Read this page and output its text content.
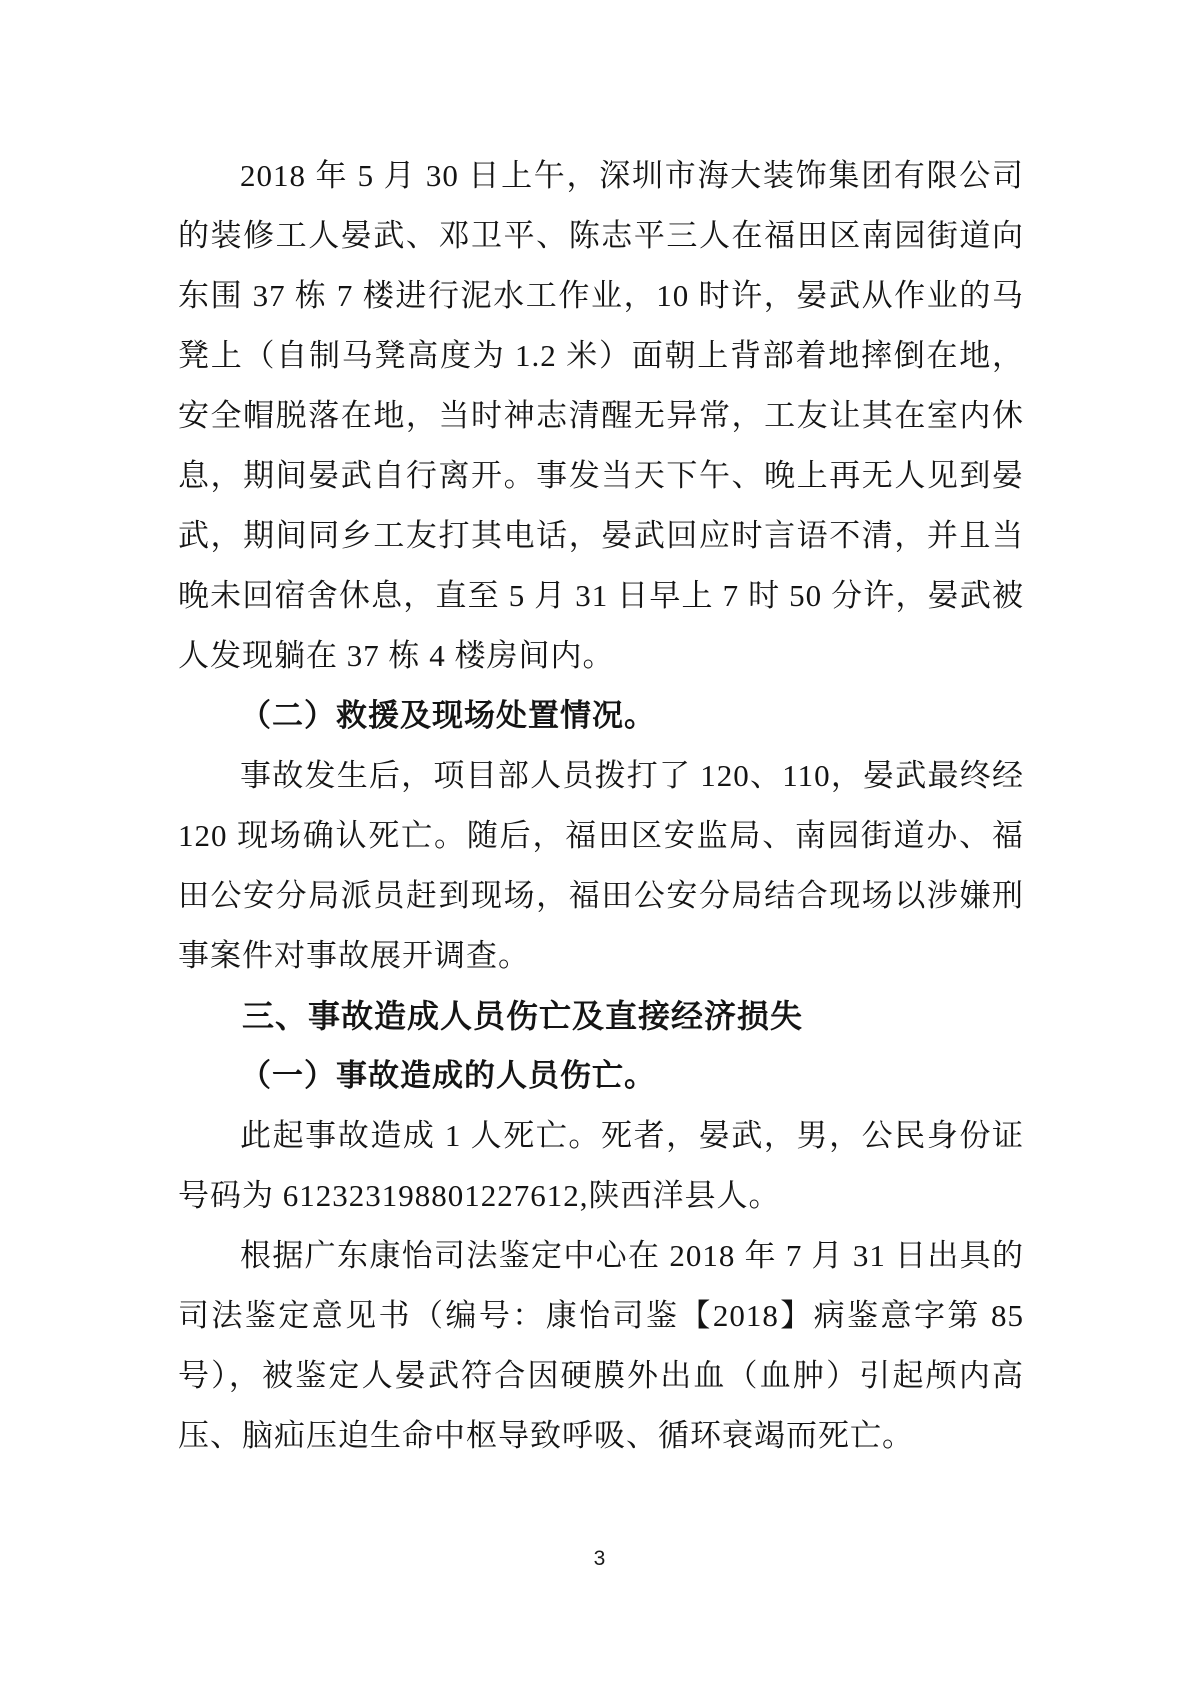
2018 年 5 月 30 日上午，深圳市海大装饰集团有限公司的装修工人晏武、邓卫平、陈志平三人在福田区南园街道向东围 37 栋 7 楼进行泥水工作业，10 时许，晏武从作业的马凳上（自制马凳高度为 1.2 米）面朝上背部着地摔倒在地，安全帽脱落在地，当时神志清醒无异常，工友让其在室内休息，期间晏武自行离开。事发当天下午、晚上再无人见到晏武，期间同乡工友打其电话，晏武回应时言语不清，并且当晚未回宿舍休息，直至 5 月 31 日早上 7 时 50 分许，晏武被人发现躺在 37 栋 4 楼房间内。

（二）救援及现场处置情况。

事故发生后，项目部人员拨打了 120、110，晏武最终经 120 现场确认死亡。随后，福田区安监局、南园街道办、福田公安分局派员赶到现场，福田公安分局结合现场以涉嫌刑事案件对事故展开调查。

三、事故造成人员伤亡及直接经济损失

（一）事故造成的人员伤亡。

此起事故造成 1 人死亡。死者，晏武，男，公民身份证号码为 612323198801227612,陕西洋县人。

根据广东康怡司法鉴定中心在 2018 年 7 月 31 日出具的司法鉴定意见书（编号：康怡司鉴【2018】病鉴意字第 85 号），被鉴定人晏武符合因硬膜外出血（血肿）引起颅内高压、脑疝压迫生命中枢导致呼吸、循环衰竭而死亡。

3
